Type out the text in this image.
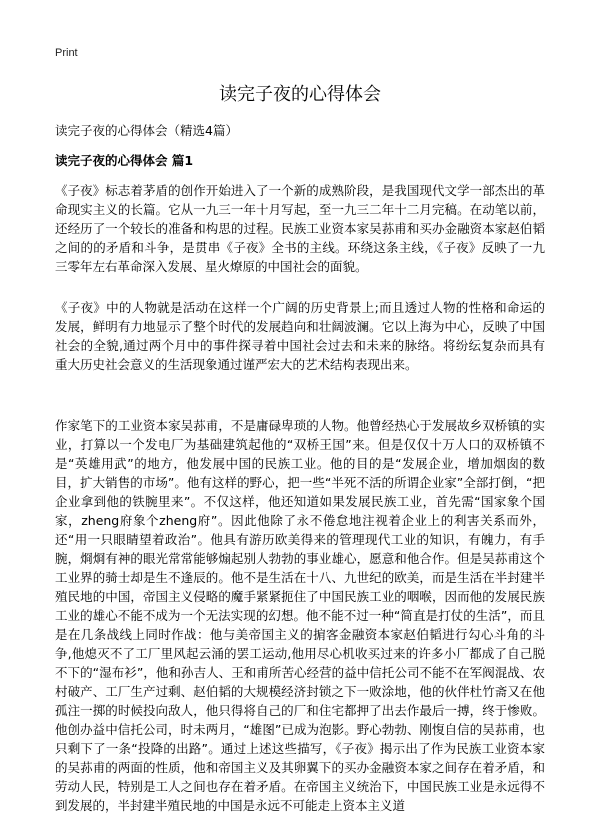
Print
读完子夜的心得体会

读完子夜的心得体会（精选4篇）

读完子夜的心得体会 篇1

《子夜》标志着茅盾的创作开始进入了一个新的成熟阶段，是我国现代文学一部杰出的革命现实主义的长篇。它从一九三一年十月写起，至一九三二年十二月完稿。在动笔以前，还经历了一个较长的准备和构思的过程。民族工业资本家吴荪甫和买办金融资本家赵伯韬之间的的矛盾和斗争，是贯串《子夜》全书的主线。环绕这条主线，《子夜》反映了一九三零年左右革命深入发展、星火燎原的中国社会的面貌。

《子夜》中的人物就是活动在这样一个广阔的历史背景上;而且透过人物的性格和命运的发展，鲜明有力地显示了整个时代的发展趋向和壮阔波澜。它以上海为中心，反映了中国社会的全貌,通过两个月中的事件探寻着中国社会过去和未来的脉络。将纷纭复杂而具有重大历史社会意义的生活现象通过谨严宏大的艺术结构表现出来。

作家笔下的工业资本家吴荪甫，不是庸碌卑琐的人物。他曾经热心于发展故乡双桥镇的实业，打算以一个发电厂为基础建筑起他的“双桥王国”来。但是仅仅十万人口的双桥镇不是“英雄用武”的地方，他发展中国的民族工业。他的目的是“发展企业，增加烟囱的数目，扩大销售的市场”。他有这样的野心，把一些“半死不活的所谓企业家”全部打倒，“把企业拿到他的铁腕里来”。不仅这样，他还知道如果发展民族工业，首先需“国家象个国家，zheng府象个zheng府”。因此他除了永不倦怠地注视着企业上的利害关系而外，还“用一只眼睛望着政治”。他具有游历欧美得来的管理现代工业的知识，有魄力，有手腕，烱烱有神的眼光常常能够煽起别人勃勃的事业雄心，愿意和他合作。但是吴荪甫这个工业界的骑士却是生不逢辰的。他不是生活在十八、九世纪的欧美，而是生活在半封建半殖民地的中国，帝国主义侵略的魔手紧紧扼住了中国民族工业的咽喉，因而他的发展民族工业的雄心不能不成为一个无法实现的幻想。他不能不过一种“简直是打仗的生活”，而且是在几条战线上同时作战：他与美帝国主义的掮客金融资本家赵伯韬进行勾心斗角的斗争,他熄灭不了工厂里风起云涌的罢工运动,他用尽心机收买过来的许多小厂都成了自己脱不下的“湿布衫”，他和孙吉人、王和甫所苦心经营的益中信托公司不能不在军阀混战、农村破产、工厂生产过剩、赵伯韬的大规模经济封锁之下一败涂地，他的伙伴杜竹斋又在他孤注一掷的时候投向敌人，他只得将自己的厂和住宅都押了出去作最后一搏，终于惨败。他创办益中信托公司，时未两月，“雄图”已成为泡影。野心勃勃、刚愎自信的吴荪甫，也只剩下了一条“投降的出路”。通过上述这些描写，《子夜》揭示出了作为民族工业资本家的吴荪甫的两面的性质，他和帝国主义及其卵翼下的买办金融资本家之间存在着矛盾，和劳动人民，特别是工人之间也存在着矛盾。在帝国主义统治下，中国民族工业是永远得不到发展的，半封建半殖民地的中国是永远不可能走上资本主义道
